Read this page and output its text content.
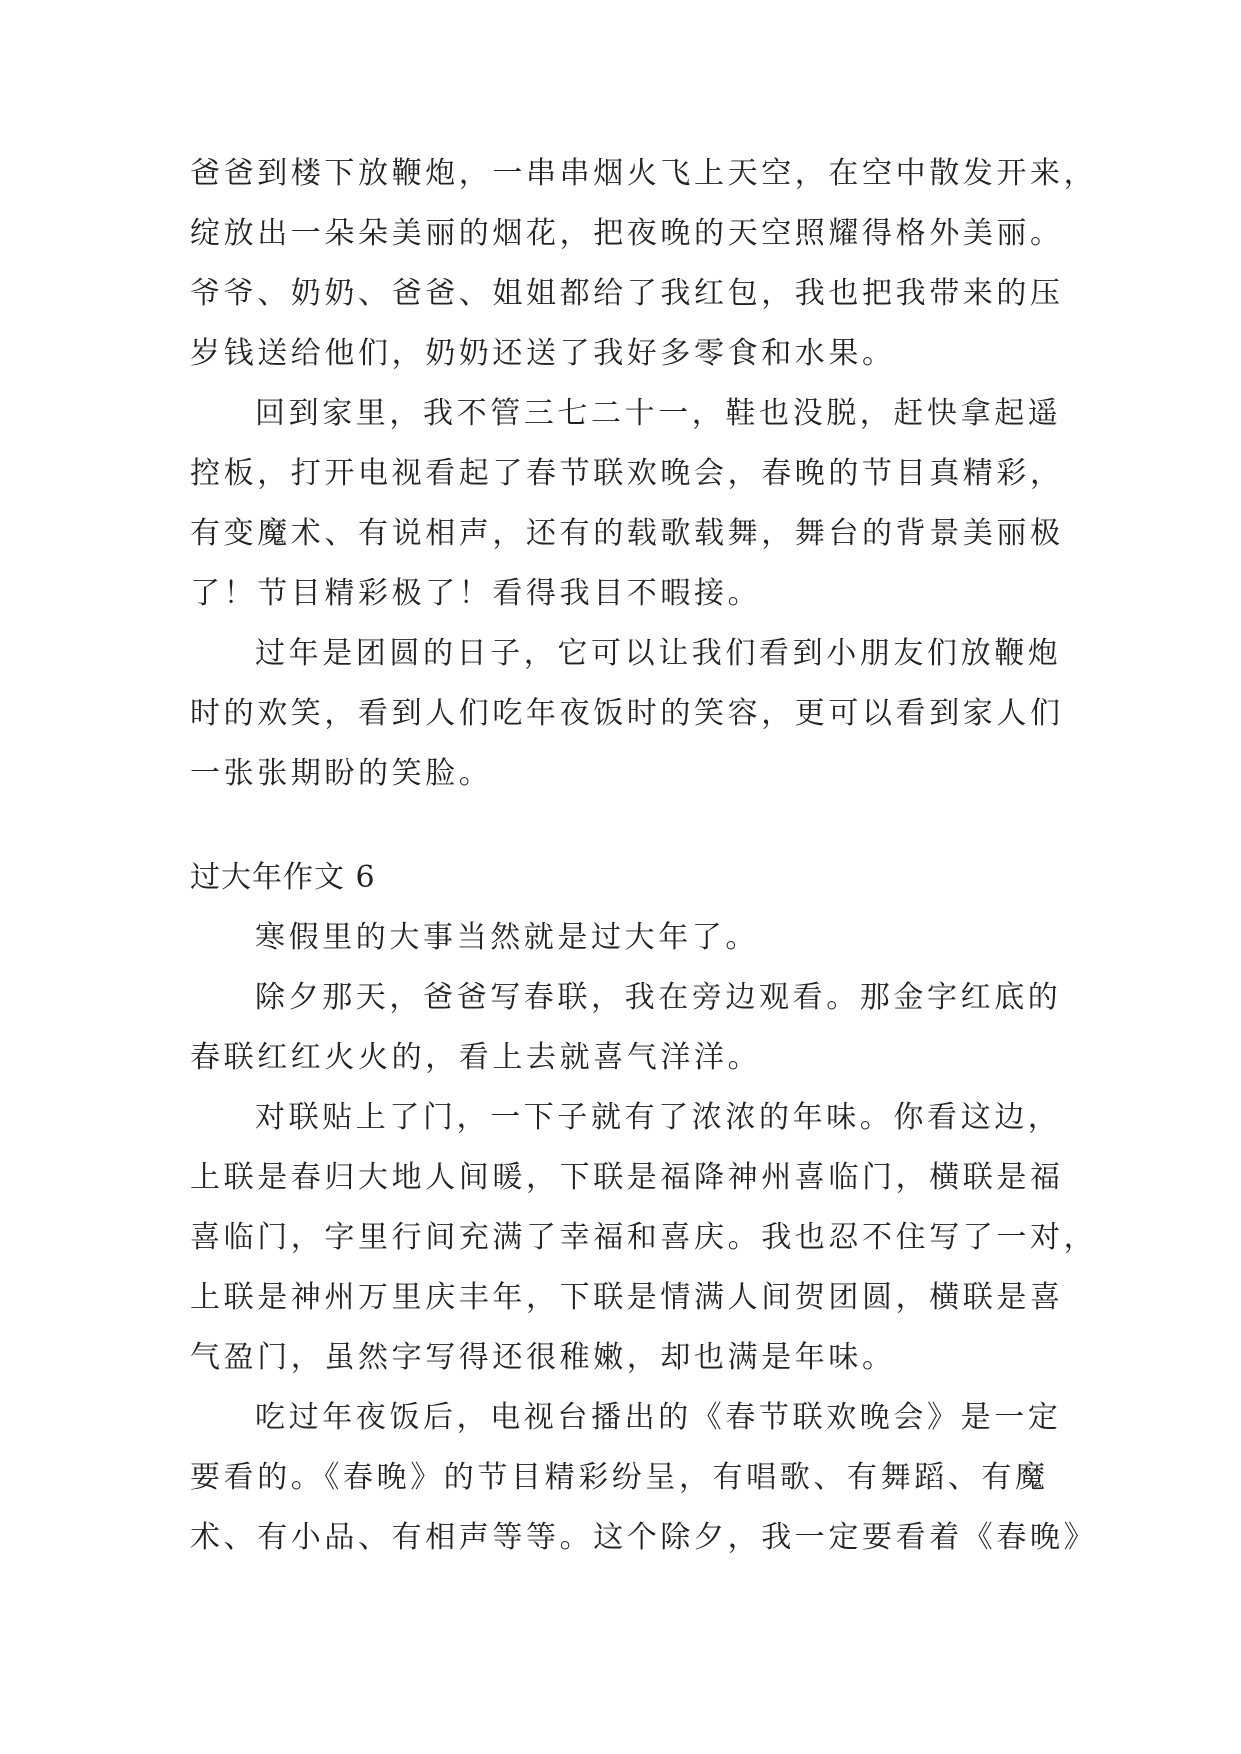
爸爸到楼下放鞭炮，一串串烟火飞上天空，在空中散发开来，
绽放出一朵朵美丽的烟花，把夜晚的天空照耀得格外美丽。
爷爷、奶奶、爸爸、姐姐都给了我红包，我也把我带来的压
岁钱送给他们，奶奶还送了我好多零食和水果。
回到家里，我不管三七二十一，鞋也没脱，赶快拿起遥
控板，打开电视看起了春节联欢晚会，春晚的节目真精彩，
有变魔术、有说相声，还有的载歌载舞，舞台的背景美丽极
了！节目精彩极了！看得我目不暇接。
过年是团圆的日子，它可以让我们看到小朋友们放鞭炮
时的欢笑，看到人们吃年夜饭时的笑容，更可以看到家人们
一张张期盼的笑脸。
过大年作文 6
寒假里的大事当然就是过大年了。
除夕那天，爸爸写春联，我在旁边观看。那金字红底的
春联红红火火的，看上去就喜气洋洋。
对联贴上了门，一下子就有了浓浓的年味。你看这边，
上联是春归大地人间暖，下联是福降神州喜临门，横联是福
喜临门，字里行间充满了幸福和喜庆。我也忍不住写了一对，
上联是神州万里庆丰年，下联是情满人间贺团圆，横联是喜
气盈门，虽然字写得还很稚嫩，却也满是年味。
吃过年夜饭后，电视台播出的《春节联欢晚会》是一定
要看的。《春晚》的节目精彩纷呈，有唱歌、有舞蹈、有魔
术、有小品、有相声等等。这个除夕，我一定要看着《春晚》
